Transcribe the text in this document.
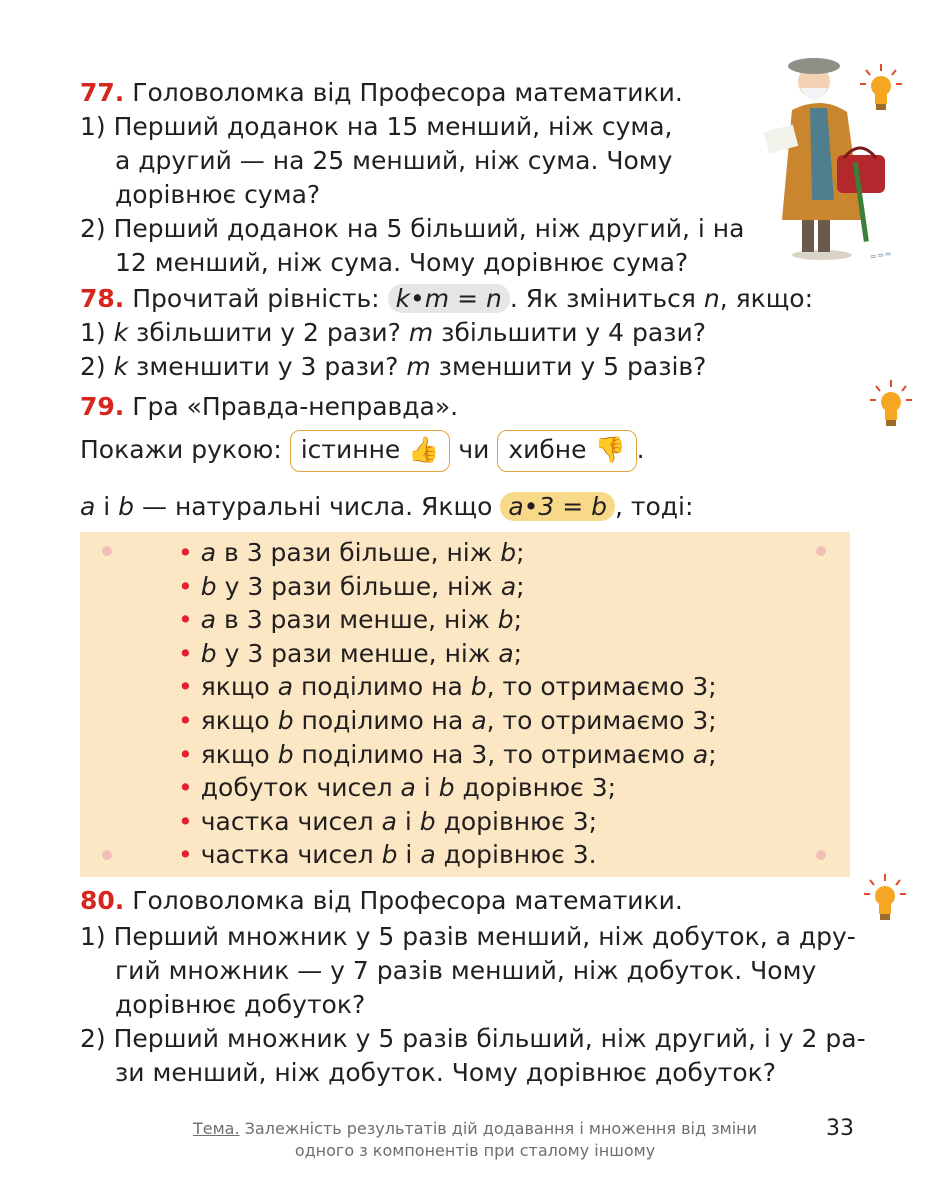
≈≈≈
77. Головоломка від Професора математики.
1) Перший доданок на 15 менший, ніж сума,
а другий — на 25 менший, ніж сума. Чому
дорівнює сума?
2) Перший доданок на 5 більший, ніж другий, і на
12 менший, ніж сума. Чому дорівнює сума?
78. Прочитай рівність: k•m = n . Як зміниться n, якщо:
1) k збільшити у 2 рази? m збільшити у 4 рази?
2) k зменшити у 3 рази? m зменшити у 5 разів?
79. Гра «Правда-неправда».
Покажи рукою: істинне 👍 чи хибне 👎 .
a і b — натуральні числа. Якщо a•3 = b , тоді:
• a в 3 рази більше, ніж b;
• b у 3 рази більше, ніж a;
• a в 3 рази менше, ніж b;
• b у 3 рази менше, ніж a;
• якщо a поділимо на b, то отримаємо 3;
• якщо b поділимо на a, то отримаємо 3;
• якщо b поділимо на 3, то отримаємо a;
• добуток чисел a і b дорівнює 3;
• частка чисел a і b дорівнює 3;
• частка чисел b і a дорівнює 3.
80. Головоломка від Професора математики.
1) Перший множник у 5 разів менший, ніж добуток, а дру-
гий множник — у 7 разів менший, ніж добуток. Чому
дорівнює добуток?
2) Перший множник у 5 разів більший, ніж другий, і у 2 ра-
зи менший, ніж добуток. Чому дорівнює добуток?
Тема. Залежність результатів дій додавання і множення від зміни
одного з компонентів при сталому іншому
33
